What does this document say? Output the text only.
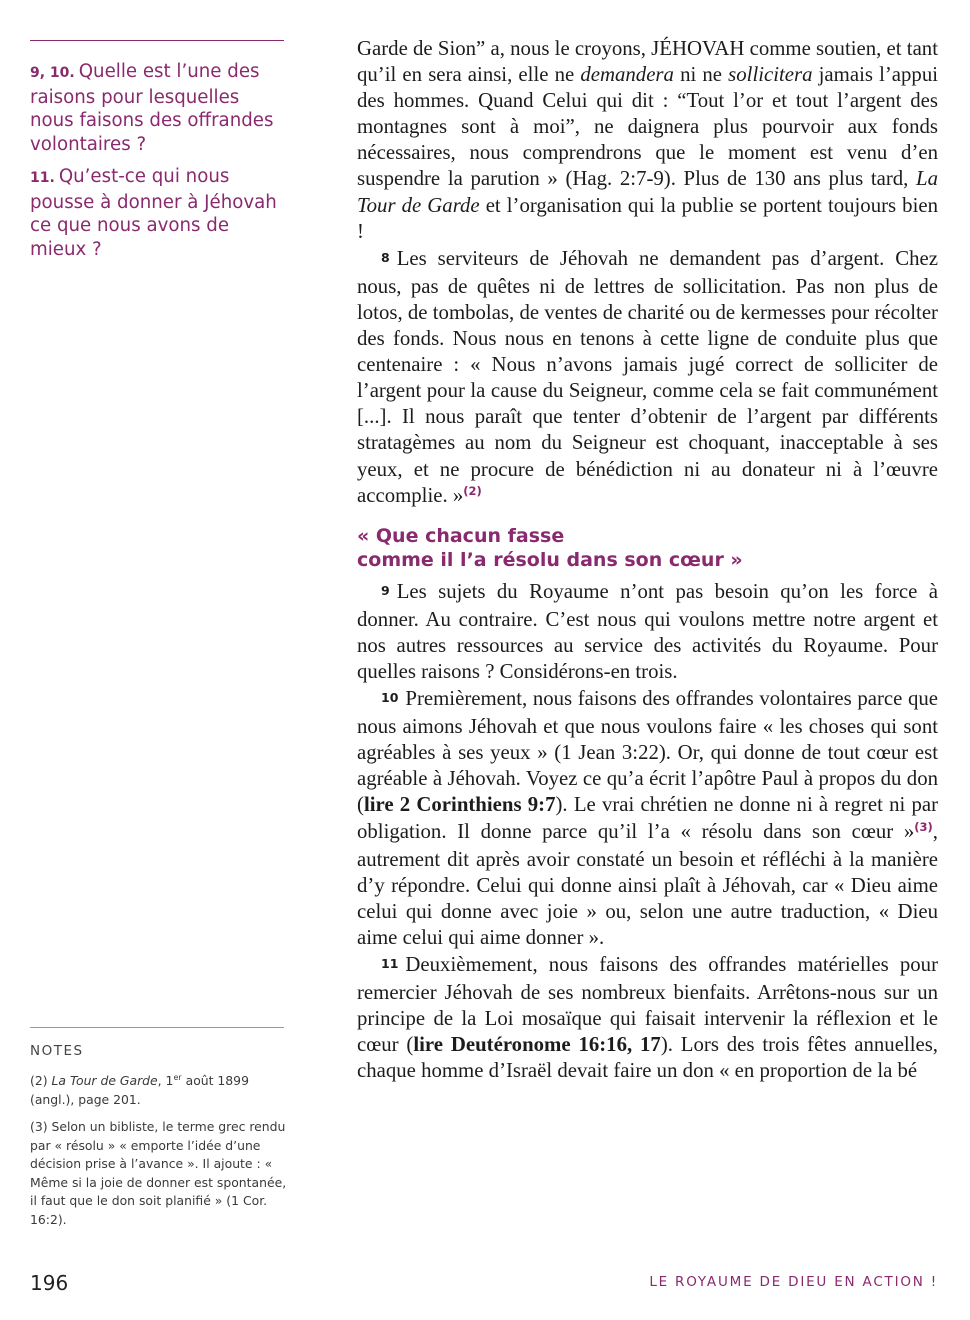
9, 10. Quelle est l’une des raisons pour lesquelles nous faisons des offrandes volontaires ?

11. Qu’est-ce qui nous pousse à donner à Jéhovah ce que nous avons de mieux ?

NOTES

(2) La Tour de Garde, 1er août 1899 (angl.), page 201.

(3) Selon un bibliste, le terme grec rendu par « résolu » « emporte l’idée d’une décision prise à l’avance ». Il ajoute : « Même si la joie de donner est spontanée, il faut que le don soit planifié » (1 Cor. 16:2).

Garde de Sion” a, nous le croyons, JÉHOVAH comme soutien, et tant qu’il en sera ainsi, elle ne demandera ni ne sollicitera jamais l’appui des hommes. Quand Celui qui dit : “Tout l’or et tout l’argent des montagnes sont à moi”, ne daignera plus pourvoir aux fonds nécessaires, nous comprendrons que le moment est venu d’en suspendre la parution » (Hag. 2:7-9). Plus de 130 ans plus tard, La Tour de Garde et l’organisation qui la publie se portent toujours bien !

8 Les serviteurs de Jéhovah ne demandent pas d’argent. Chez nous, pas de quêtes ni de lettres de sollicitation. Pas non plus de lotos, de tombolas, de ventes de charité ou de kermesses pour récolter des fonds. Nous nous en tenons à cette ligne de conduite plus que centenaire : « Nous n’avons jamais jugé correct de solliciter de l’argent pour la cause du Seigneur, comme cela se fait communément [...]. Il nous paraît que tenter d’obtenir de l’argent par différents stratagèmes au nom du Seigneur est choquant, inacceptable à ses yeux, et ne procure de bénédiction ni au donateur ni à l’œuvre accomplie. »$^{(2)}$

« Que chacun fasse
comme il l’a résolu dans son cœur »

9 Les sujets du Royaume n’ont pas besoin qu’on les force à donner. Au contraire. C’est nous qui voulons mettre notre argent et nos autres ressources au service des activités du Royaume. Pour quelles raisons ? Considérons-en trois.

10 Premièrement, nous faisons des offrandes volontaires parce que nous aimons Jéhovah et que nous voulons faire « les choses qui sont agréables à ses yeux » (1 Jean 3:22). Or, qui donne de tout cœur est agréable à Jéhovah. Voyez ce qu’a écrit l’apôtre Paul à propos du don (lire 2 Corinthiens 9:7). Le vrai chrétien ne donne ni à regret ni par obligation. Il donne parce qu’il l’a « résolu dans son cœur »$^{(3)}$, autrement dit après avoir constaté un besoin et réfléchi à la manière d’y répondre. Celui qui donne ainsi plaît à Jéhovah, car « Dieu aime celui qui donne avec joie » ou, selon une autre traduction, « Dieu aime celui qui aime donner ».

11 Deuxièmement, nous faisons des offrandes matérielles pour remercier Jéhovah de ses nombreux bienfaits. Arrêtons-nous sur un principe de la Loi mosaïque qui faisait intervenir la réflexion et le cœur (lire Deutéronome 16:16, 17). Lors des trois fêtes annuelles, chaque homme d’Israël devait faire un don « en proportion de la bé

196	LE ROYAUME DE DIEU EN ACTION !
